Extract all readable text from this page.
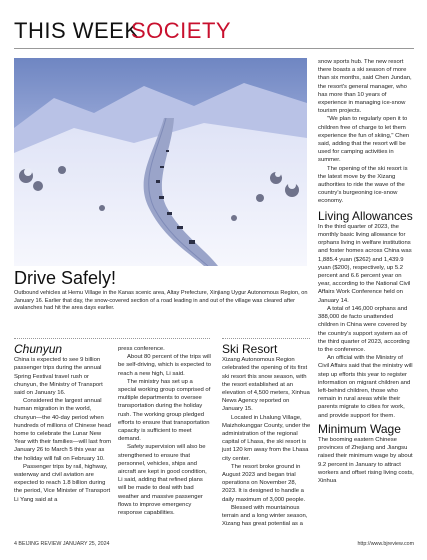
THIS WEEK
SOCIETY
Drive Safely!
Outbound vehicles at Hemu Village in the Kanas scenic area, Altay Prefecture, Xinjiang Uygur Autonomous Region, on January 16. Earlier that day, the snow-covered section of a road leading in and out of the village was cleared after avalanches had hit the area days earlier.
Chunyun

China is expected to see 9 billion passenger trips during the annual Spring Festival travel rush or chunyun, the Ministry of Transport said on January 16.

Considered the largest annual human migration in the world, chunyun—the 40-day period when hundreds of millions of Chinese head home to celebrate the Lunar New Year with their families—will last from January 26 to March 5 this year as the holiday will fall on February 10.

Passenger trips by rail, highway, waterway and civil aviation are expected to reach 1.8 billion during the period, Vice Minister of Transport Li Yang said at a

press conference.

About 80 percent of the trips will be self-driving, which is expected to reach a new high, Li said.

The ministry has set up a special working group comprised of multiple departments to oversee transportation during the holiday rush. The working group pledged efforts to ensure that transportation capacity is sufficient to meet demand.

Safety supervision will also be strengthened to ensure that personnel, vehicles, ships and aircraft are kept in good condition, Li said, adding that refined plans will be made to deal with bad weather and massive passenger flows to improve emergency response capabilities.

Ski Resort

Xizang Autonomous Region celebrated the opening of its first ski resort this snow season, with the resort established at an elevation of 4,500 meters, Xinhua News Agency reported on January 15.

Located in Lhalung Village, Maizhokunggar County, under the administration of the regional capital of Lhasa, the ski resort is just 120 km away from the Lhasa city center.

The resort broke ground in August 2023 and began trial operations on November 28, 2023. It is designed to handle a daily maximum of 3,000 people.

Blessed with mountainous terrain and a long winter season, Xizang has great potential as a

snow sports hub. The new resort there boasts a ski season of more than six months, said Chen Jundan, the resort's general manager, who has more than 10 years of experience in managing ice-snow tourism projects.

"We plan to regularly open it to children free of charge to let them experience the fun of skiing," Chen said, adding that the resort will be used for camping activities in summer.

The opening of the ski resort is the latest move by the Xizang authorities to ride the wave of the country's burgeoning ice-snow economy.

Living Allowances

In the third quarter of 2023, the monthly basic living allowance for orphans living in welfare institutions and foster homes across China was 1,885.4 yuan ($262) and 1,439.9 yuan ($200), respectively, up 5.2 percent and 6.6 percent year on year, according to the National Civil Affairs Work Conference held on January 14.

A total of 146,000 orphans and 388,000 de facto unattended children in China were covered by the country's support system as of the third quarter of 2023, according to the conference.

An official with the Ministry of Civil Affairs said that the ministry will step up efforts this year to register information on migrant children and left-behind children, those who remain in rural areas while their parents migrate to cities for work, and provide support for them.

Minimum Wage

The booming eastern Chinese provinces of Zhejiang and Jiangsu raised their minimum wage by about 9.2 percent in January to attract workers and offset rising living costs, Xinhua

4 BEIJING REVIEW JANUARY 25, 2024	http://www.bjreview.com
